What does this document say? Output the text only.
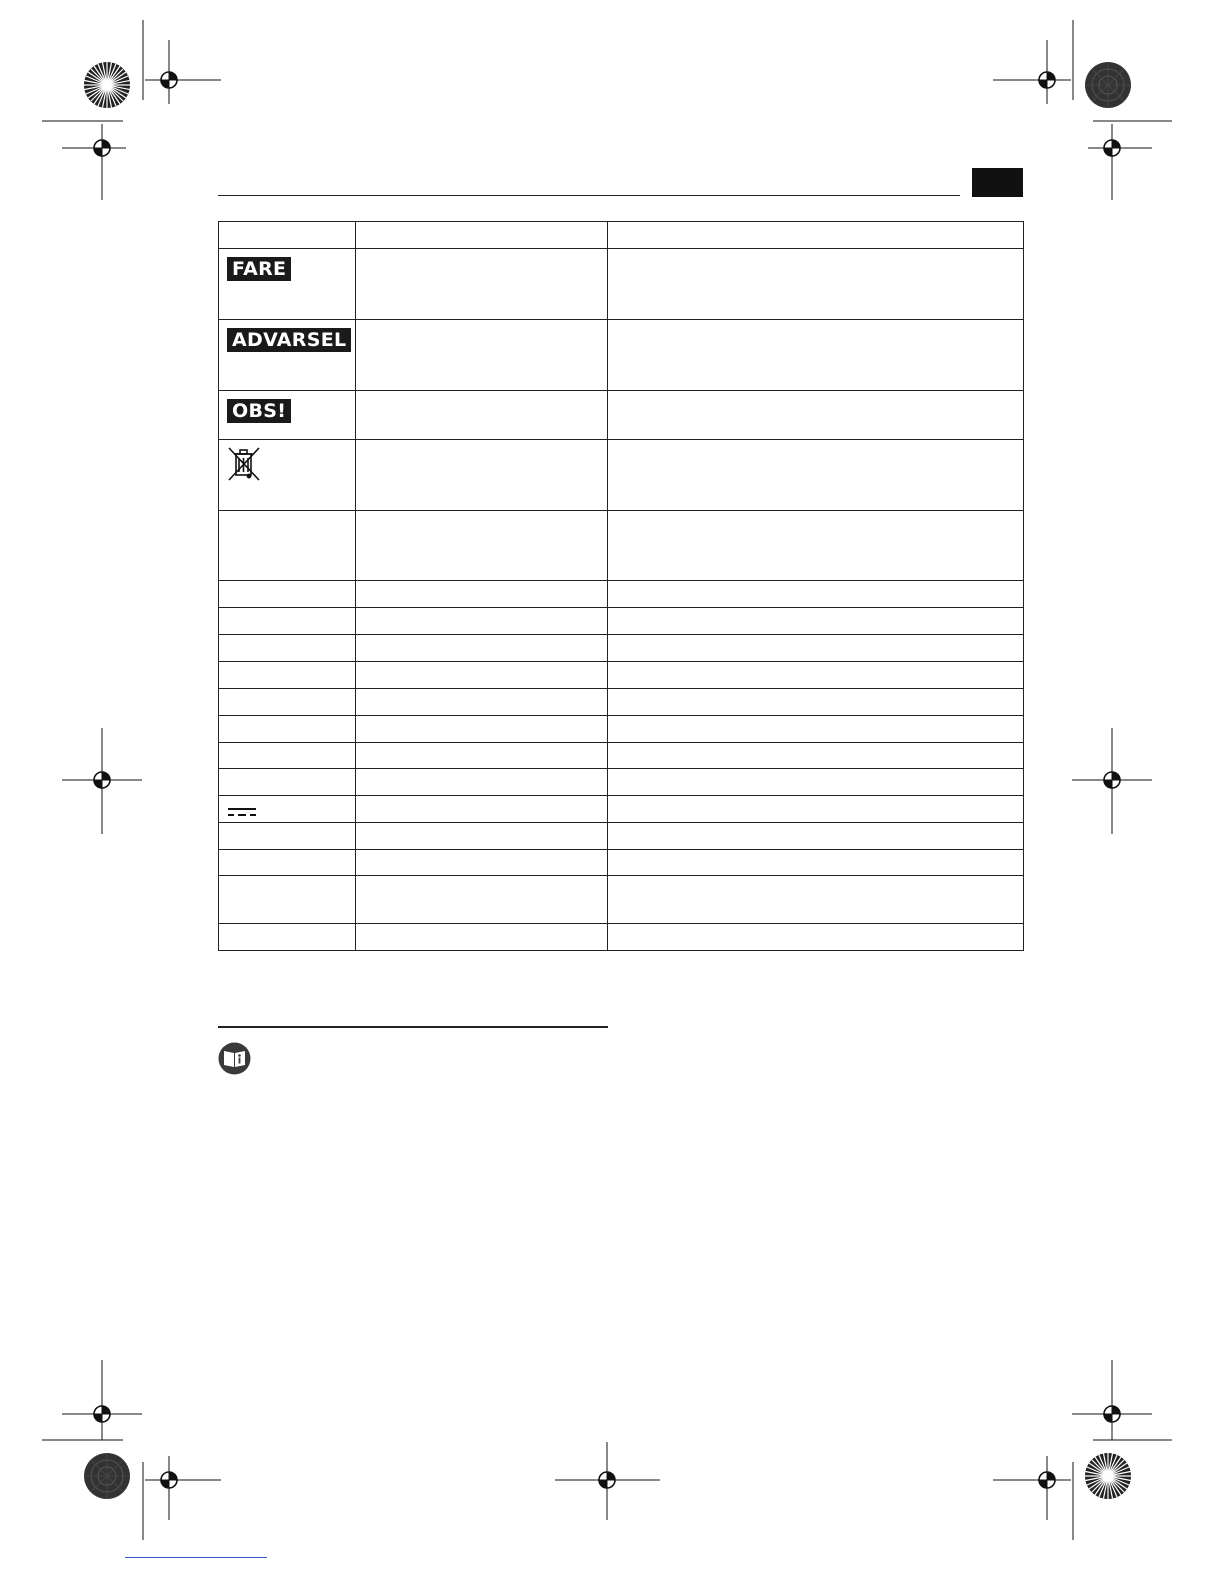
FARE		
ADVARSEL		
OBS!		
